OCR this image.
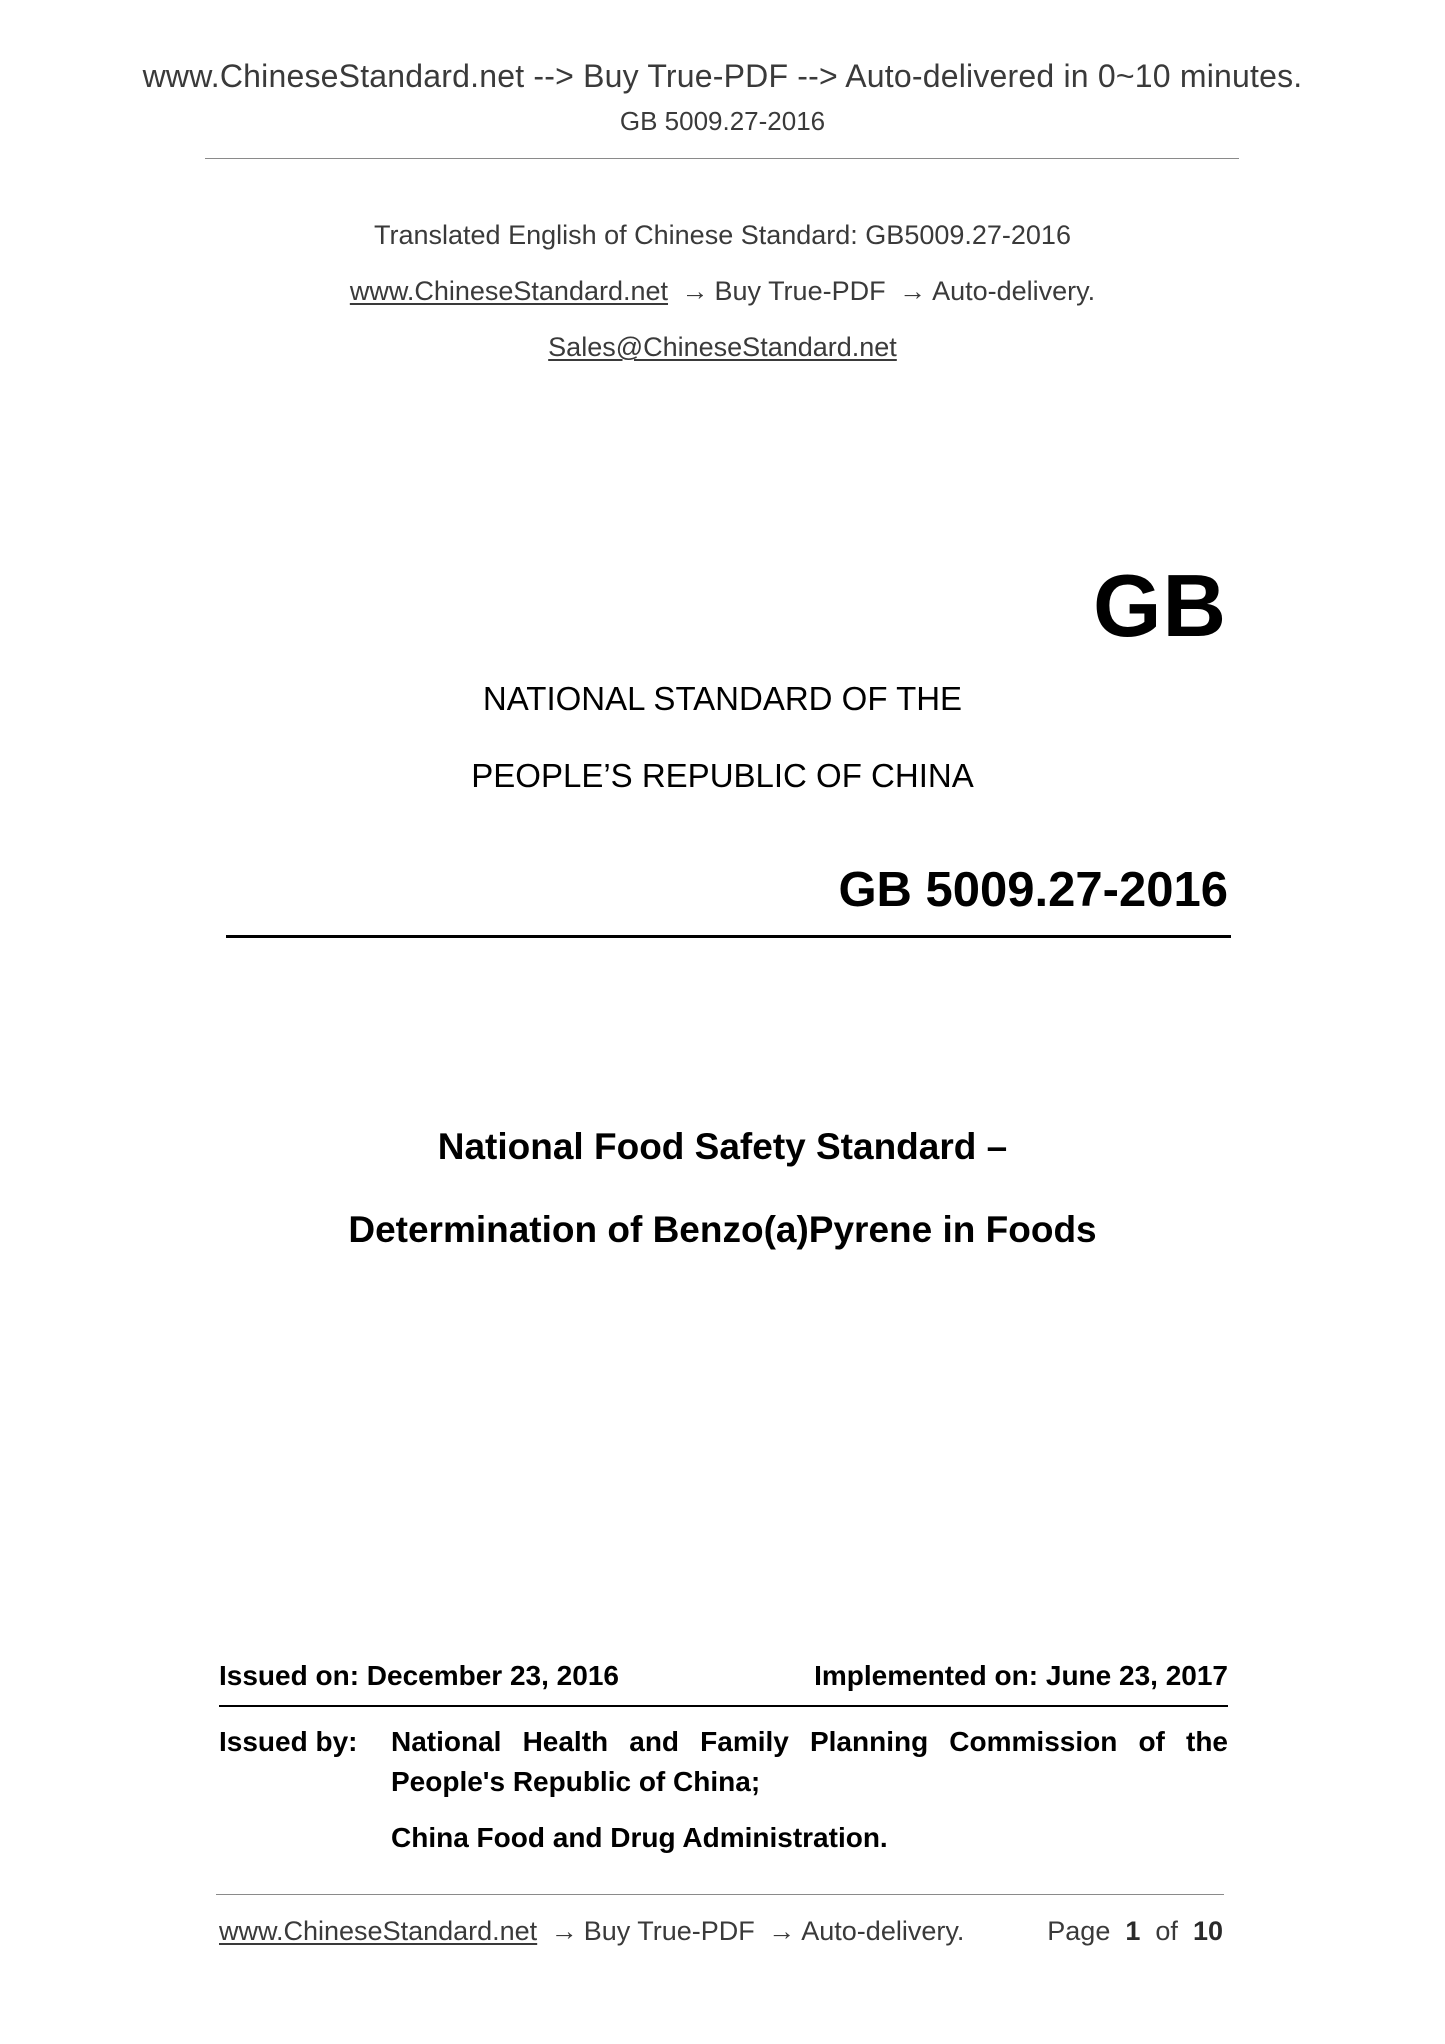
www.ChineseStandard.net --> Buy True-PDF --> Auto-delivered in 0~10 minutes.
GB 5009.27-2016
Translated English of Chinese Standard: GB5009.27-2016
www.ChineseStandard.net → Buy True-PDF → Auto-delivery.
Sales@ChineseStandard.net
GB
NATIONAL STANDARD OF THE
PEOPLE’S REPUBLIC OF CHINA
GB 5009.27-2016
National Food Safety Standard –
Determination of Benzo(a)Pyrene in Foods
Issued on: December 23, 2016	Implemented on: June 23, 2017
Issued by:	National Health and Family Planning Commission of the
People's Republic of China;
China Food and Drug Administration.
www.ChineseStandard.net → Buy True-PDF → Auto-delivery.	Page 1 of 10
